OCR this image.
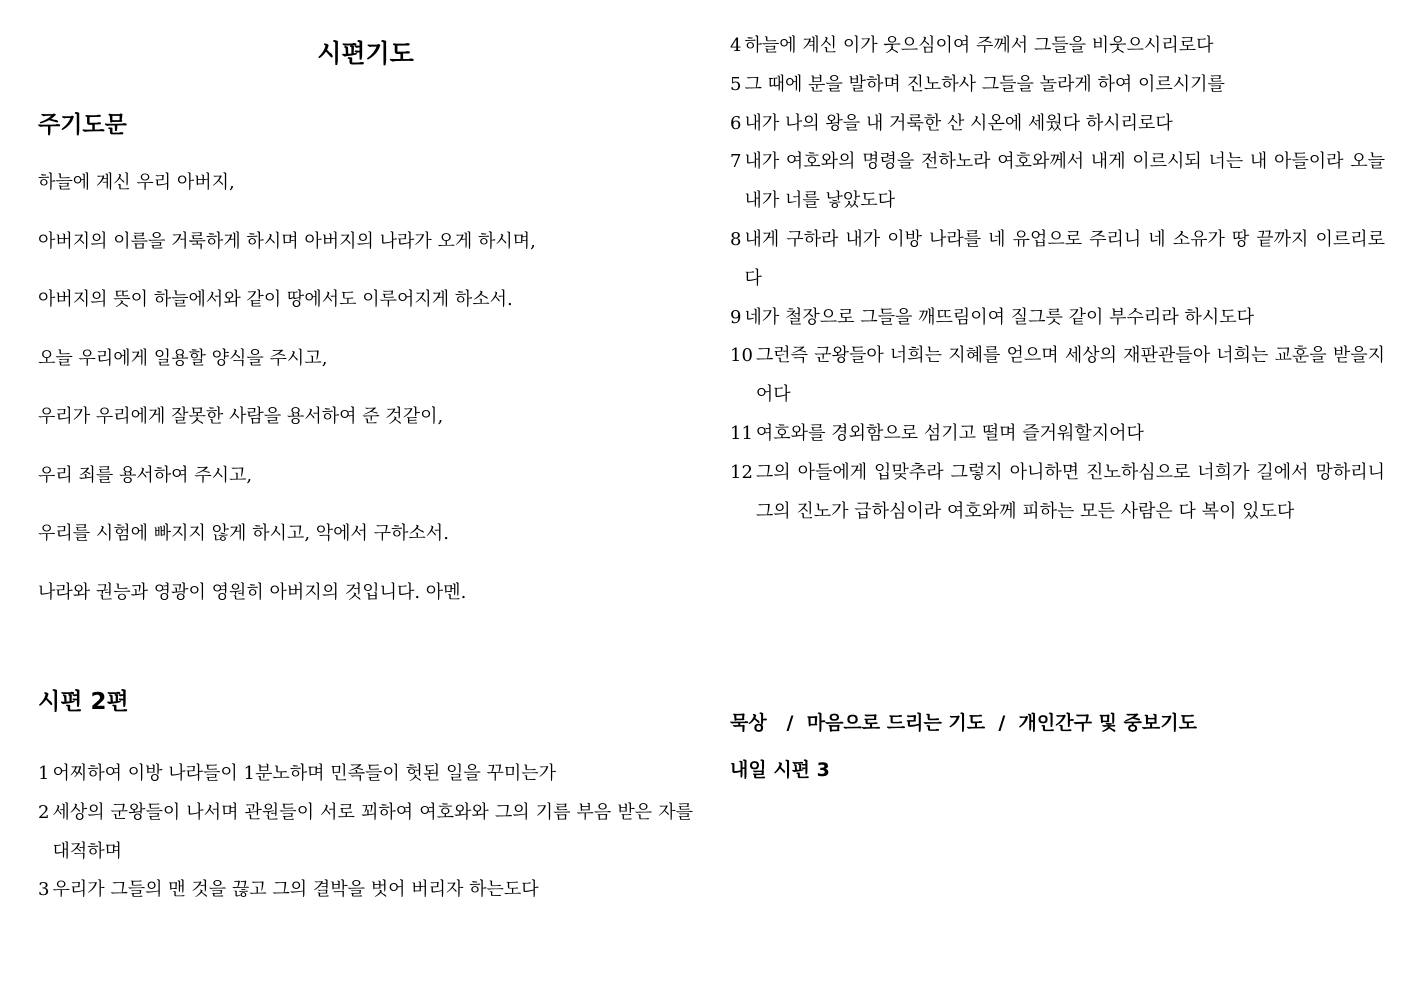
시편기도
주기도문
하늘에 계신 우리 아버지,
아버지의 이름을 거룩하게 하시며 아버지의 나라가 오게 하시며,
아버지의 뜻이 하늘에서와 같이 땅에서도 이루어지게 하소서.
오늘 우리에게 일용할 양식을 주시고,
우리가 우리에게 잘못한 사람을 용서하여 준 것같이,
우리 죄를 용서하여 주시고,
우리를 시험에 빠지지 않게 하시고, 악에서 구하소서.
나라와 권능과 영광이 영원히 아버지의 것입니다. 아멘.
시편 2편
1 어찌하여 이방 나라들이 1분노하며 민족들이 헛된 일을 꾸미는가
2 세상의 군왕들이 나서며 관원들이 서로 꾀하여 여호와와 그의 기름 부음 받은 자를 대적하며
3 우리가 그들의 맨 것을 끊고 그의 결박을 벗어 버리자 하는도다
4 하늘에 계신 이가 웃으심이여 주께서 그들을 비웃으시리로다
5 그 때에 분을 발하며 진노하사 그들을 놀라게 하여 이르시기를
6 내가 나의 왕을 내 거룩한 산 시온에 세웠다 하시리로다
7 내가 여호와의 명령을 전하노라 여호와께서 내게 이르시되 너는 내 아들이라 오늘 내가 너를 낳았도다
8 내게 구하라 내가 이방 나라를 네 유업으로 주리니 네 소유가 땅 끝까지 이르리로다
9 네가 철장으로 그들을 깨뜨림이여 질그릇 같이 부수리라 하시도다
10 그런즉 군왕들아 너희는 지혜를 얻으며 세상의 재판관들아 너희는 교훈을 받을지어다
11 여호와를 경외함으로 섬기고 떨며 즐거워할지어다
12 그의 아들에게 입맞추라 그렇지 아니하면 진노하심으로 너희가 길에서 망하리니 그의 진노가 급하심이라 여호와께 피하는 모든 사람은 다 복이 있도다

묵상   /  마음으로 드리는 기도  /  개인간구 및 중보기도

내일 시편 3
